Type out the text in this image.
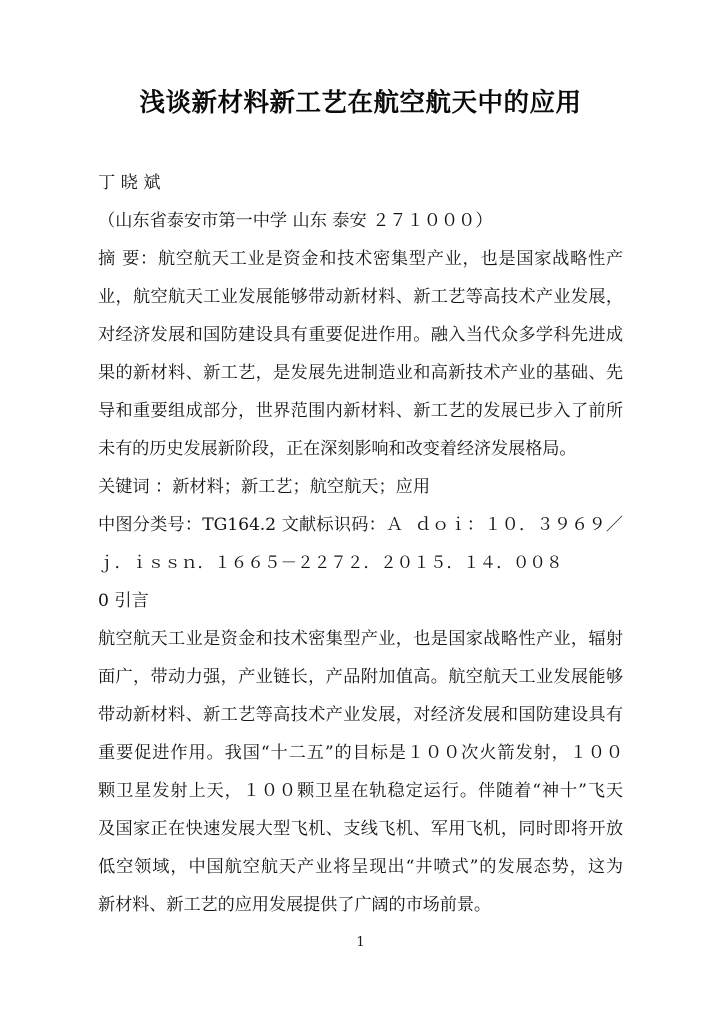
浅谈新材料新工艺在航空航天中的应用
丁 晓 斌
（山东省泰安市第一中学 山东 泰安 ２７１０００）
摘 要：航空航天工业是资金和技术密集型产业，也是国家战略性产
业，航空航天工业发展能够带动新材料、新工艺等高技术产业发展，
对经济发展和国防建设具有重要促进作用。融入当代众多学科先进成
果的新材料、新工艺，是发展先进制造业和高新技术产业的基础、先
导和重要组成部分，世界范围内新材料、新工艺的发展已步入了前所
未有的历史发展新阶段，正在深刻影响和改变着经济发展格局。
关键词 ：新材料；新工艺；航空航天；应用
中图分类号：TG164.2 文献标识码：Ａ  ｄｏｉ：１０．３９６９／
ｊ．ｉｓｓｎ．１６６５－２２７２．２０１５．１４．００８
0 引言
航空航天工业是资金和技术密集型产业，也是国家战略性产业，辐射
面广，带动力强，产业链长，产品附加值高。航空航天工业发展能够
带动新材料、新工艺等高技术产业发展，对经济发展和国防建设具有
重要促进作用。我国“十二五”的目标是１００次火箭发射，１００
颗卫星发射上天，１００颗卫星在轨稳定运行。伴随着“神十”飞天
及国家正在快速发展大型飞机、支线飞机、军用飞机，同时即将开放
低空领域，中国航空航天产业将呈现出“井喷式”的发展态势，这为
新材料、新工艺的应用发展提供了广阔的市场前景。
1
